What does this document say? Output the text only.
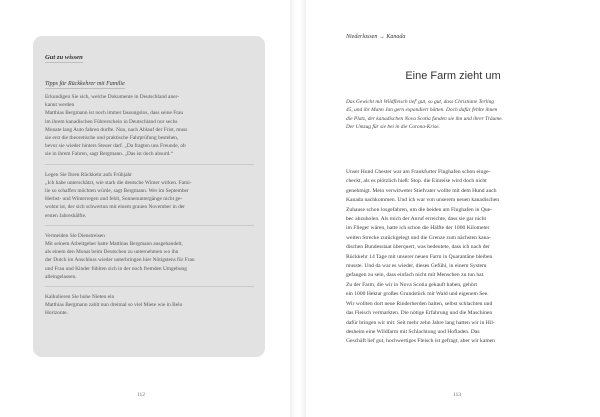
Gut zu wissen
Tipps für Rückkehrer mit Familie

Erkundigen Sie sich, welche Dokumente in Deutschland aner-
kannt werden
Matthias Bergmann ist noch immer fassungslos, dass seine Frau
im ihrem kanadischen Führerschein in Deutschland nur sechs
Monate lang Auto fahren durfte. Nun, nach Ablauf der Frist, muss
sie erst die theoretische und praktische Fahrprüfung bestehen,
bevor sie wieder hinters Steuer darf. „Da fragten uns Freunde, ob
sie in ihrem Fahren, sagt Bergmann. „Das ist doch absurd.“
Legen Sie Ihren Rückkehr aufs Frühjahr
„Ich habe unterschätzt, wie stark die deutsche Winter wirken. Fami-
lie so schaffen möchten würde, sagt Bergmann. Wer im September
Herbst- und Winterregen und fehlt, Sonnenuntergänge nicht ge-
wohnt ist, der sich schwertun mit einem grauen November in der
ersten Jahreshälfte.
Vermeiden Sie Dienstreisen
Mit seinem Arbeitgeber hatte Matthias Bergmann ausgehandelt,
als einem den Monat beim Deutschen zu unternehmen wo ihn
der Dutch im Anschluss wieder unterbringen hier Nötigstens für Frau
und Frau und Kinder fühlten sich in der noch fremden Umgebung
alleingelassen.
Kalkulieren Sie hohe Nieten ein
Matthias Bergmann zahlt nun dreimal so viel Miete wie in Belo
Horizonte.
112
Niederlassen → Kanada
Eine Farm zieht um
Das Gewicht mit Wildfleisch tief' gut, so gut, dass Christiane Terling
45, und ihr Mann Jan gern expandiert hätten. Doch dafür fehlte ihnen
die Platz, der kanadischen Nova Scotia fanden sie ihn und ihrer Träume.
Der Umzug für sie bei in die Corona-Krise.
Unser Hund Chester war am Frankfurter Flughafen schon einge-
checkt, als es plötzlich hieß: Stop. die Einreise wird doch nicht
genehmigt. Mein verwitweter Stiefvater wollte mit dem Hund auch
Kanada nachkommen. Und ich war von unserem neuen kanadischen
Zuhause schon losgefahren, um die beiden am Flughafen in Que-
bec abzuholen. Als mich der Anruf erreichte, dass sie gar nicht
im Flieger wären, hatte ich schon die Hälfte der 1000 Kilometer
weiten Strecke zurückgelegt und die Grenze zum nächsten kana-
dischen Bundesstaat überquert, was bedeutete, dass ich nach der
Rückkehr 14 Tage mit unserer neuen Farm in Quarantäne bleiben
musste. Und da war es wieder, dieses Gefühl, in einem System
gefangen zu sein, dass einfach nicht mit Menschen zu tun hat.
Zu der Farm, die wir in Nova Scotia gekauft haben, gehört
ein 1000 Hektar großes Grundstück mit Wald und eigenem See.
Wir wollten dort neue Rinderherden halten, selbst schlachten und
das Fleisch vermarkten. Die nötige Erfahrung und die Maschinen
dafür bringen wir mit: Seit mehr zehn Jahre lang hatten wir in Hil-
desheim eine Wildfarm mit Schlachtung und Hofladen. Das
Geschäft lief gut, hochwertiges Fleisch ist gefragt, aber wir kamen
113
